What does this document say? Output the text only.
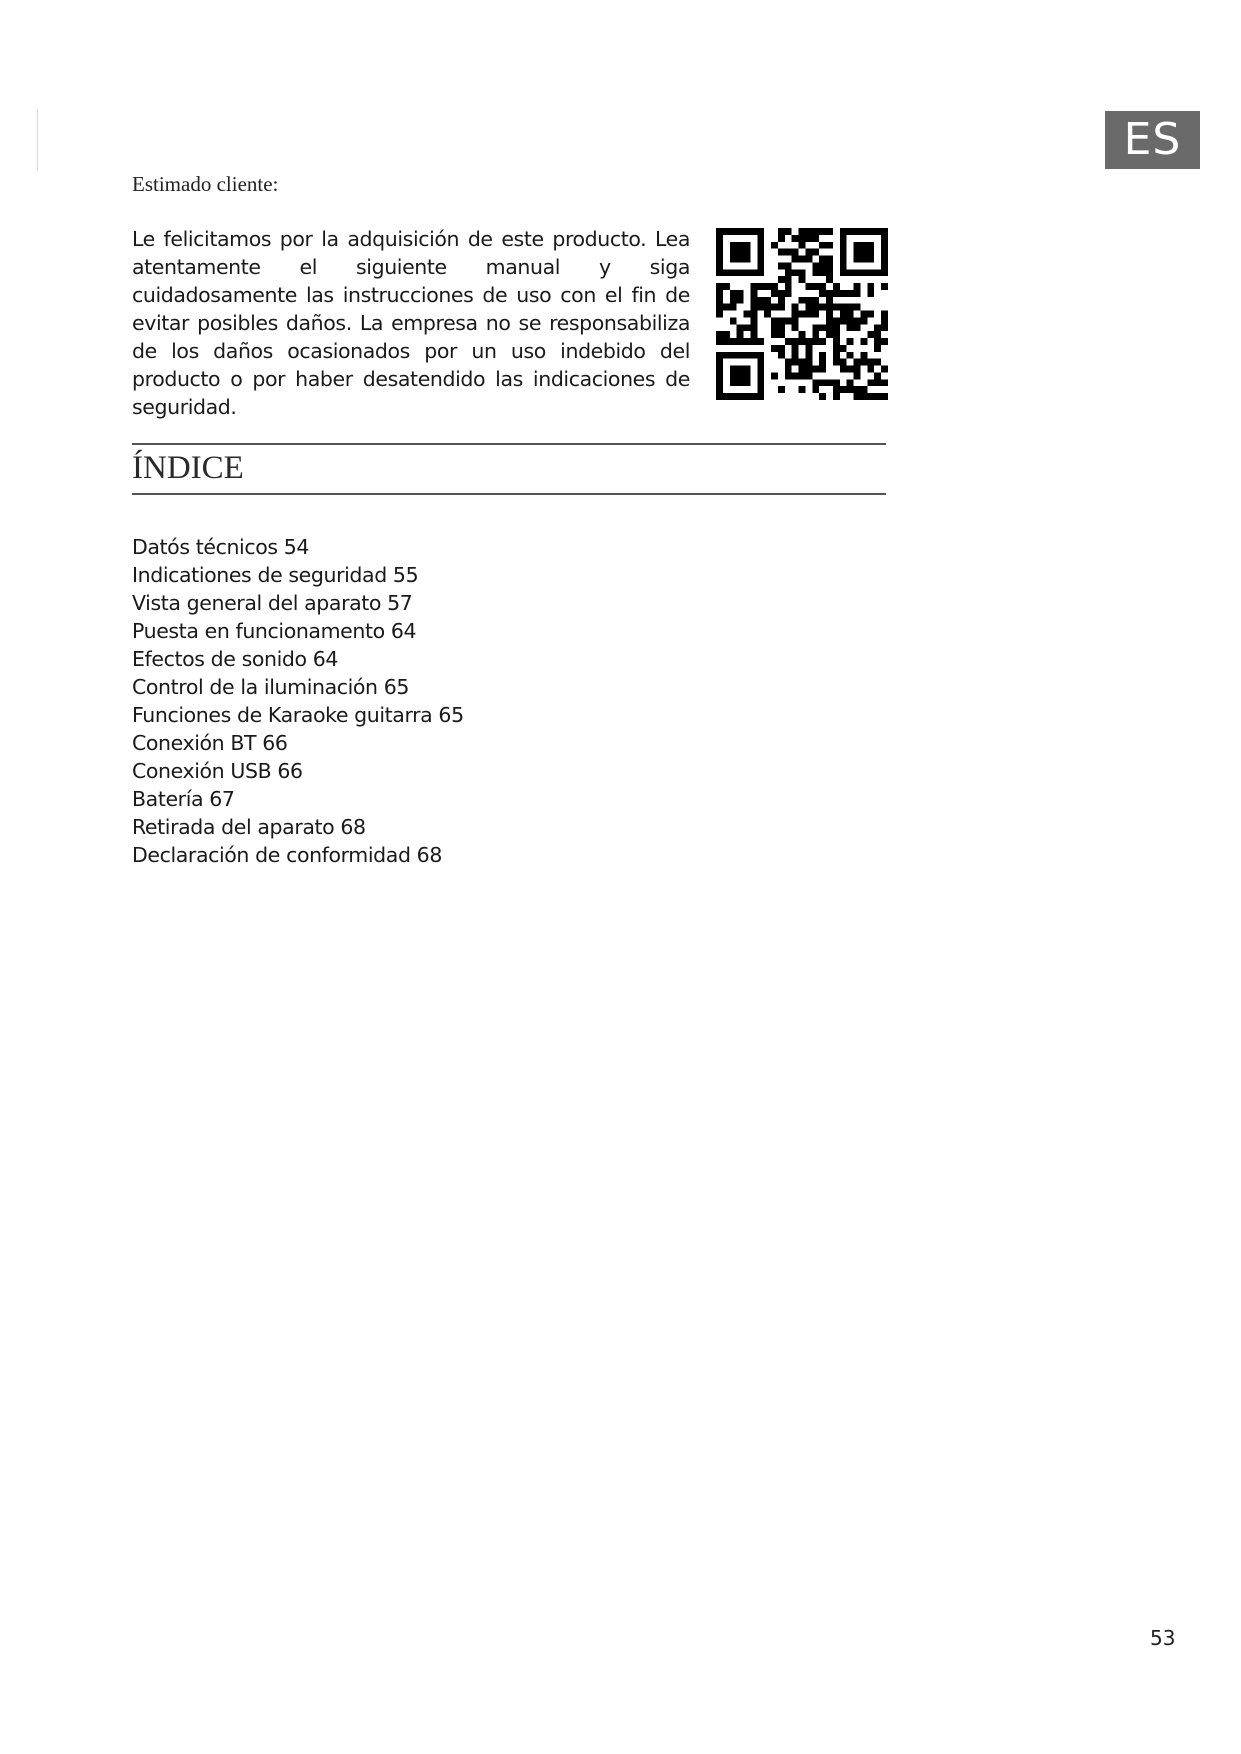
ES
Estimado cliente:

Le felicitamos por la adquisición de este producto. Lea atentamente el siguiente manual y siga cuidadosamente las instrucciones de uso con el fin de evitar posibles daños. La empresa no se responsabiliza de los daños ocasionados por un uso indebido del producto o por haber desatendido las indicaciones de seguridad.

ÍNDICE
Datós técnicos 54
Indicationes de seguridad 55
Vista general del aparato 57
Puesta en funcionamento 64
Efectos de sonido 64
Control de la iluminación 65
Funciones de Karaoke guitarra 65
Conexión BT 66
Conexión USB 66
Batería 67
Retirada del aparato 68
Declaración de conformidad 68
53
